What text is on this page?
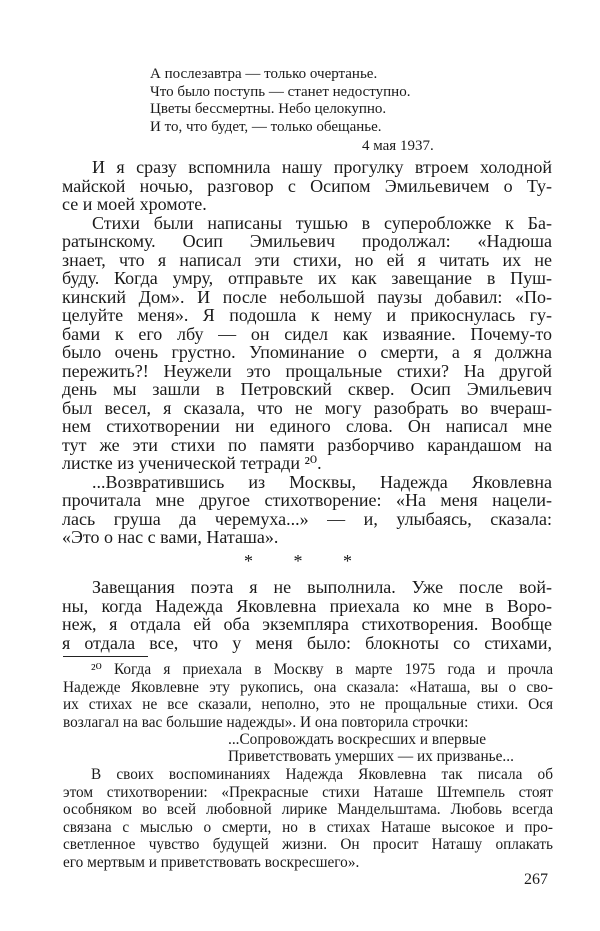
А послезавтра — только очертанье.
Что было поступь — станет недоступно.
Цветы бессмертны. Небо целокупно.
И то, что будет, — только обещанье.
4 мая 1937.
И я сразу вспомнила нашу прогулку втроем холодной
майской ночью, разговор с Осипом Эмильевичем о Ту-
се и моей хромоте.
Стихи были написаны тушью в суперобложке к Ба-
ратынскому. Осип Эмильевич продолжал: «Надюша
знает, что я написал эти стихи, но ей я читать их не
буду. Когда умру, отправьте их как завещание в Пуш-
кинский Дом». И после небольшой паузы добавил: «По-
целуйте меня». Я подошла к нему и прикоснулась гу-
бами к его лбу — он сидел как изваяние. Почему-то
было очень грустно. Упоминание о смерти, а я должна
пережить?! Неужели это прощальные стихи? На другой
день мы зашли в Петровский сквер. Осип Эмильевич
был весел, я сказала, что не могу разобрать во вчераш-
нем стихотворении ни единого слова. Он написал мне
тут же эти стихи по памяти разборчиво карандашом на
листке из ученической тетради ²⁰.
...Возвратившись из Москвы, Надежда Яковлевна
прочитала мне другое стихотворение: «На меня нацели-
лась груша да черемуха...» — и, улыбаясь, сказала:
«Это о нас с вами, Наташа».
* * *
Завещания поэта я не выполнила. Уже после вой-
ны, когда Надежда Яковлевна приехала ко мне в Воро-
неж, я отдала ей оба экземпляра стихотворения. Вообще
я отдала все, что у меня было: блокноты со стихами,
²⁰ Когда я приехала в Москву в марте 1975 года и прочла
Надежде Яковлевне эту рукопись, она сказала: «Наташа, вы о сво-
их стихах не все сказали, неполно, это не прощальные стихи. Ося
возлагал на вас большие надежды». И она повторила строчки:
...Сопровождать воскресших и впервые
Приветствовать умерших — их призванье...
В своих воспоминаниях Надежда Яковлевна так писала об
этом стихотворении: «Прекрасные стихи Наташе Штемпель стоят
особняком во всей любовной лирике Мандельштама. Любовь всегда
связана с мыслью о смерти, но в стихах Наташе высокое и про-
светленное чувство будущей жизни. Он просит Наташу оплакать
его мертвым и приветствовать воскресшего».
267
